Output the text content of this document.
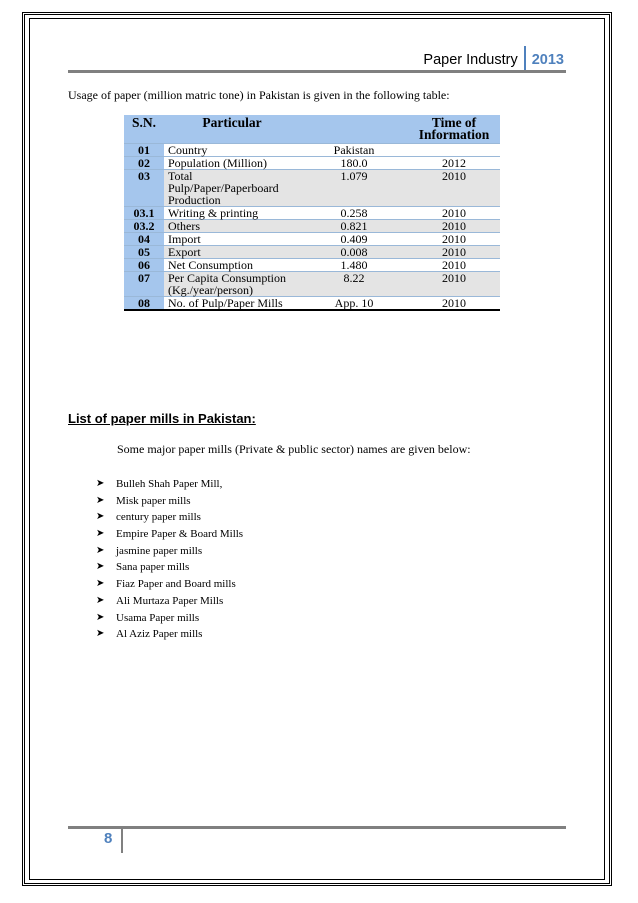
Paper Industry 2013
Usage of paper (million matric tone) in Pakistan is given in the following table:
S.N.	Particular		Time of
Information

01	Country	Pakistan	
02	Population (Million)	180.0	2012
03	Total Pulp/Paper/Paperboard Production	1.079	2010
03.1	Writing & printing	0.258	2010
03.2	Others	0.821	2010
04	Import	0.409	2010
05	Export	0.008	2010
06	Net Consumption	1.480	2010
07	Per Capita Consumption (Kg./year/person)	8.22	2010
08	No. of Pulp/Paper Mills	App. 10	2010
List of paper mills in Pakistan:
Some major paper mills (Private & public sector) names are given below:
➤	Bulleh Shah Paper Mill,
➤	Misk paper mills
➤	century paper mills
➤	Empire Paper & Board Mills
➤	jasmine paper mills
➤	Sana paper mills
➤	Fiaz Paper and Board mills
➤	Ali Murtaza Paper Mills
➤	Usama Paper mills
➤	Al Aziz Paper mills
8
